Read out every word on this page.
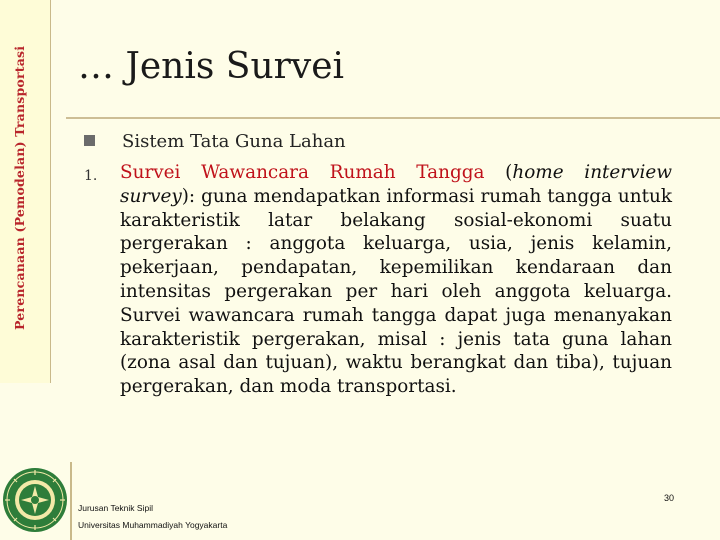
Perencanaan (Pemodelan) Transportasi … Jenis Survei
Sistem Tata Guna Lahan
1. Survei Wawancara Rumah Tangga (home interview survey): guna mendapatkan informasi rumah tangga untuk karakteristik latar belakang sosial-ekonomi suatu pergerakan : anggota keluarga, usia, jenis kelamin, pekerjaan, pendapatan, kepemilikan kendaraan dan intensitas pergerakan per hari oleh anggota keluarga. Survei wawancara rumah tangga dapat juga menanyakan karakteristik pergerakan, misal : jenis tata guna lahan (zona asal dan tujuan), waktu berangkat dan tiba), tujuan pergerakan, dan moda transportasi.
Jurusan Teknik Sipil
Universitas Muhammadiyah Yogyakarta
30
